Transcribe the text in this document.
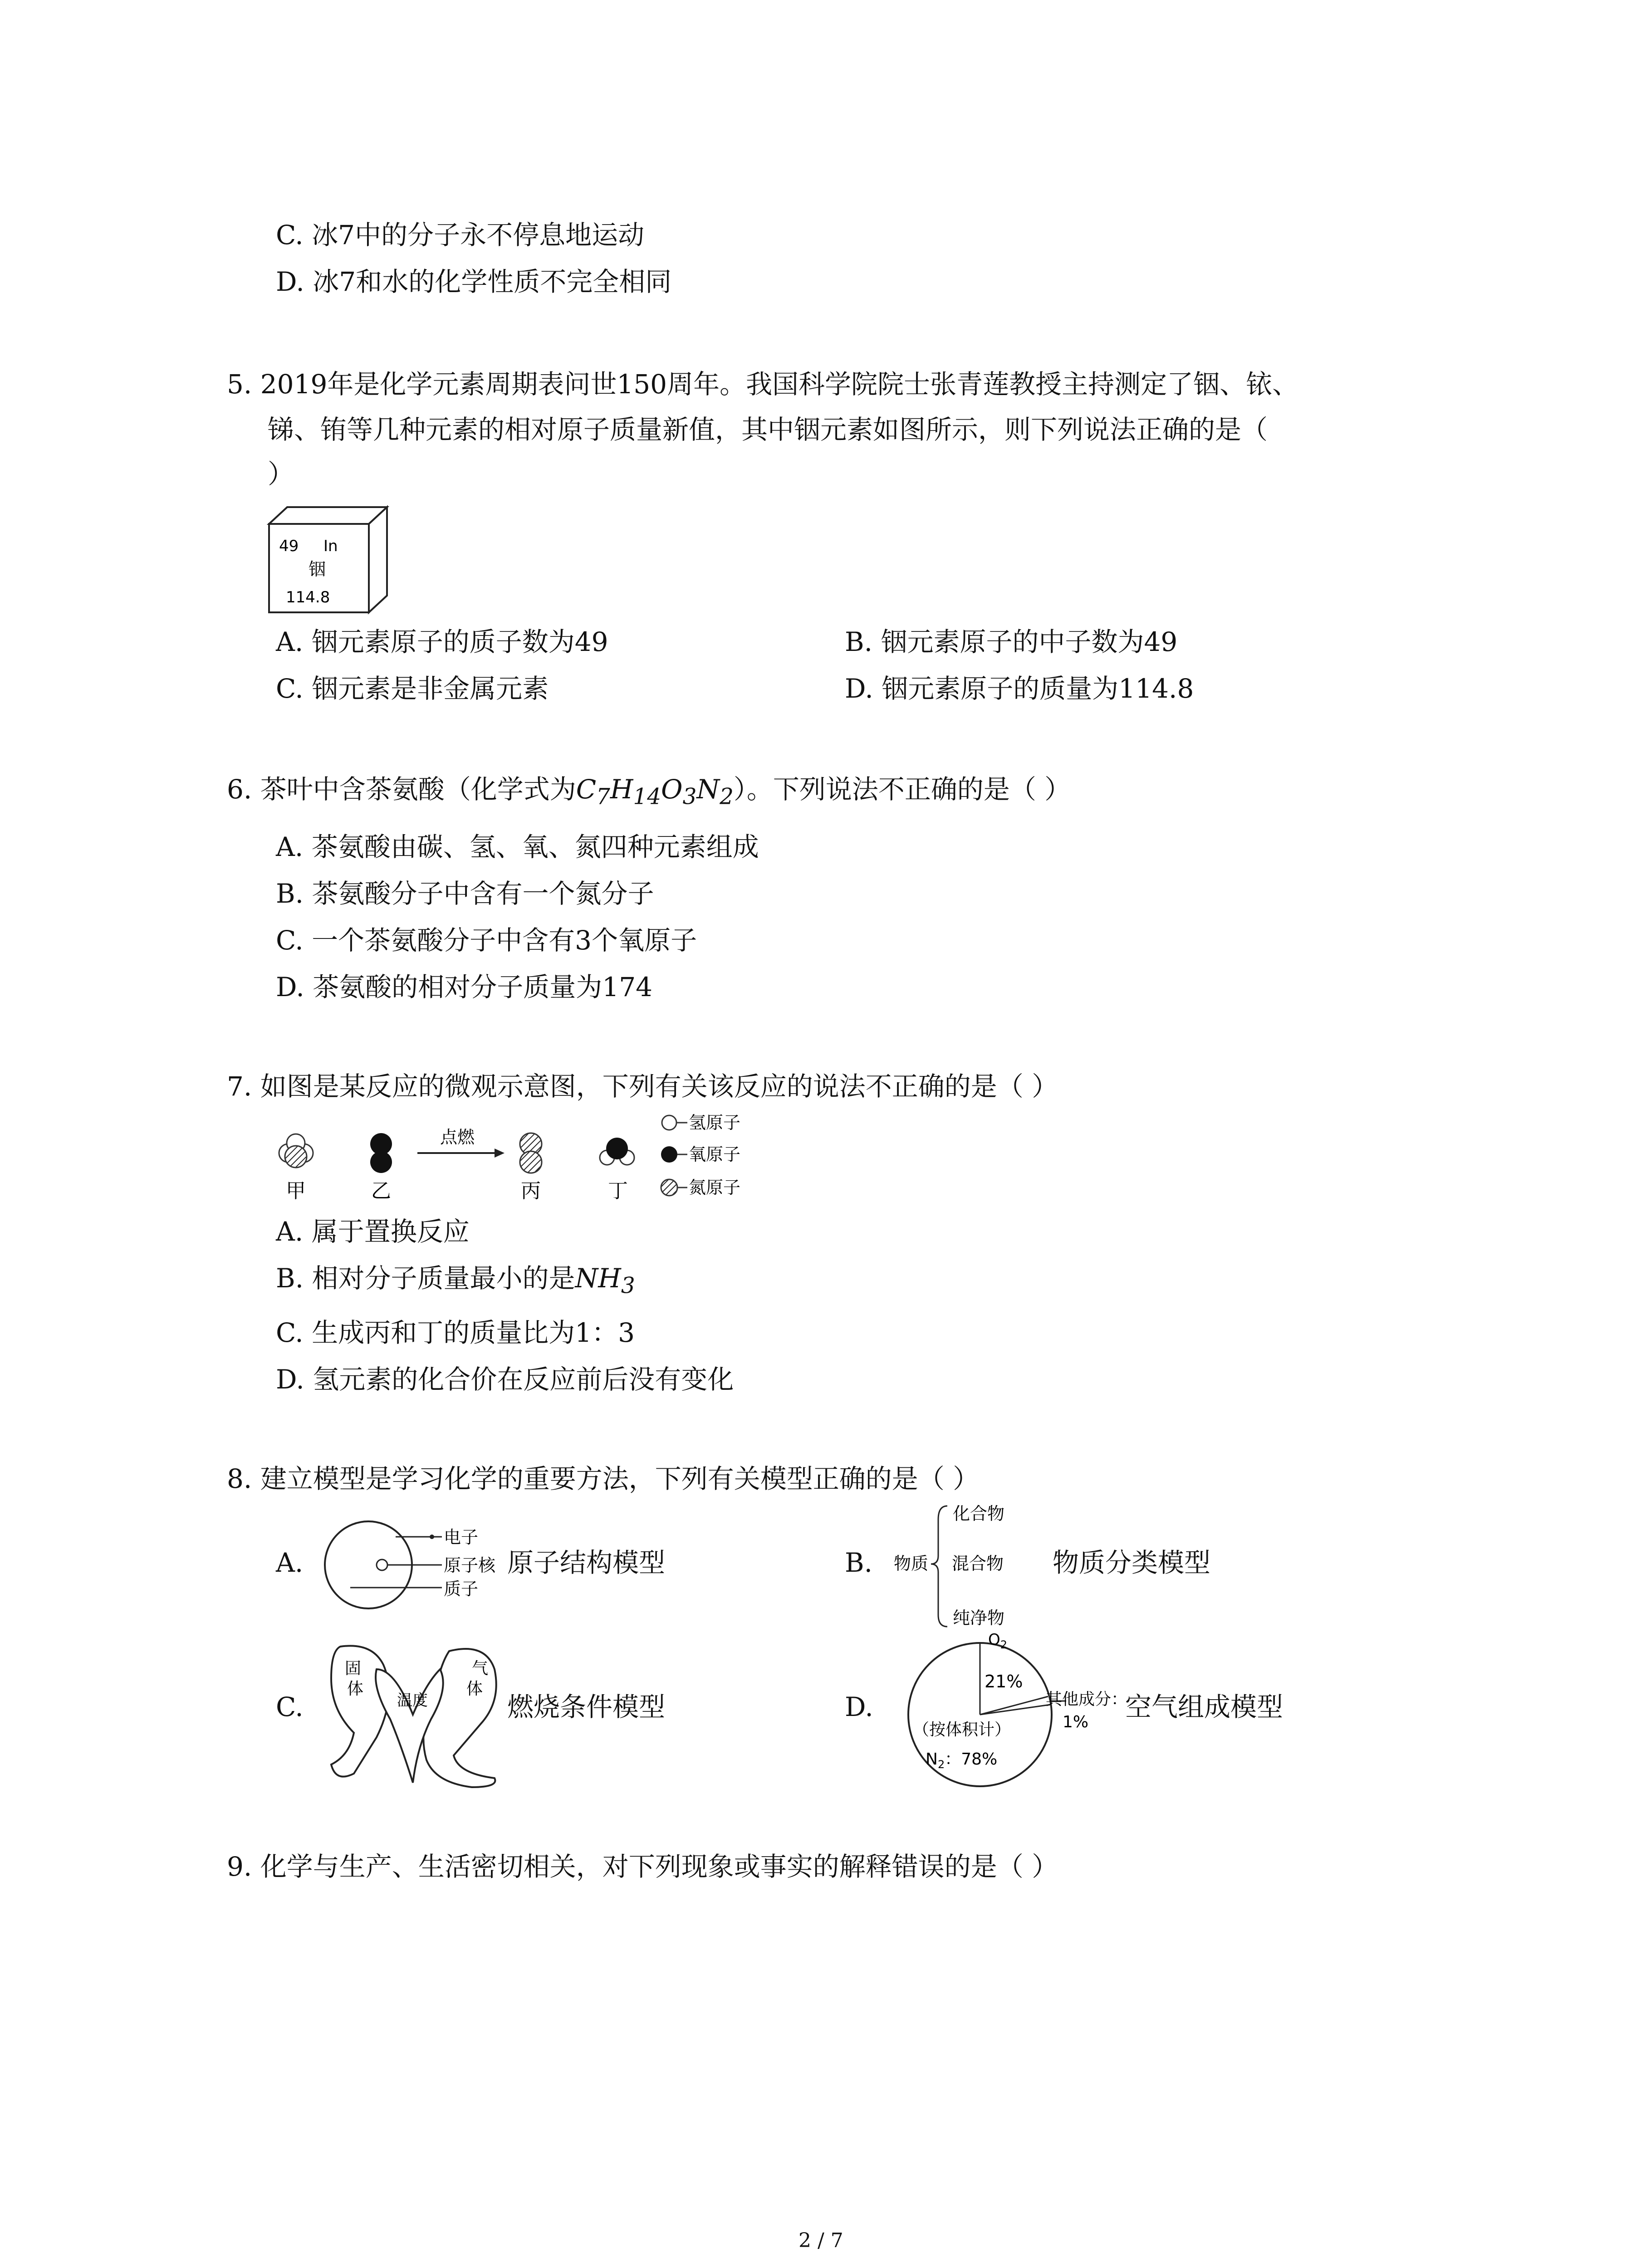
C. 冰7中的分子永不停息地运动
D. 冰7和水的化学性质不完全相同
5. 2019年是化学元素周期表问世150周年。我国科学院院士张青莲教授主持测定了铟、铱、
锑、铕等几种元素的相对原子质量新值，其中铟元素如图所示，则下列说法正确的是（
）
49 In
铟
114.8
A. 铟元素原子的质子数为49	B. 铟元素原子的中子数为49
C. 铟元素是非金属元素	D. 铟元素原子的质量为114.8
6. 茶叶中含茶氨酸（化学式为$C_7H_{14}O_3N_2$）。下列说法不正确的是（ ）
A. 茶氨酸由碳、氢、氧、氮四种元素组成
B. 茶氨酸分子中含有一个氮分子
C. 一个茶氨酸分子中含有3个氧原子
D. 茶氨酸的相对分子质量为174
7. 如图是某反应的微观示意图，下列有关该反应的说法不正确的是（ ）
甲	乙
点燃
丙	丁
氢原子
氧原子
氮原子
A. 属于置换反应
B. 相对分子质量最小的是$NH_3$
C. 生成丙和丁的质量比为1：3
D. 氢元素的化合价在反应前后没有变化
8. 建立模型是学习化学的重要方法，下列有关模型正确的是（ ）
A.
电子
原子核
质子
原子结构模型	B. 物质
化合物
混合物
纯净物
物质分类模型
C.
固
体
温度
气
体
燃烧条件模型	D.
$O_2$
21%
其他成分：
1%
（按体积计）
$N_2$：78%
空气组成模型
9. 化学与生产、生活密切相关，对下列现象或事实的解释错误的是（ ）
2 / 7
